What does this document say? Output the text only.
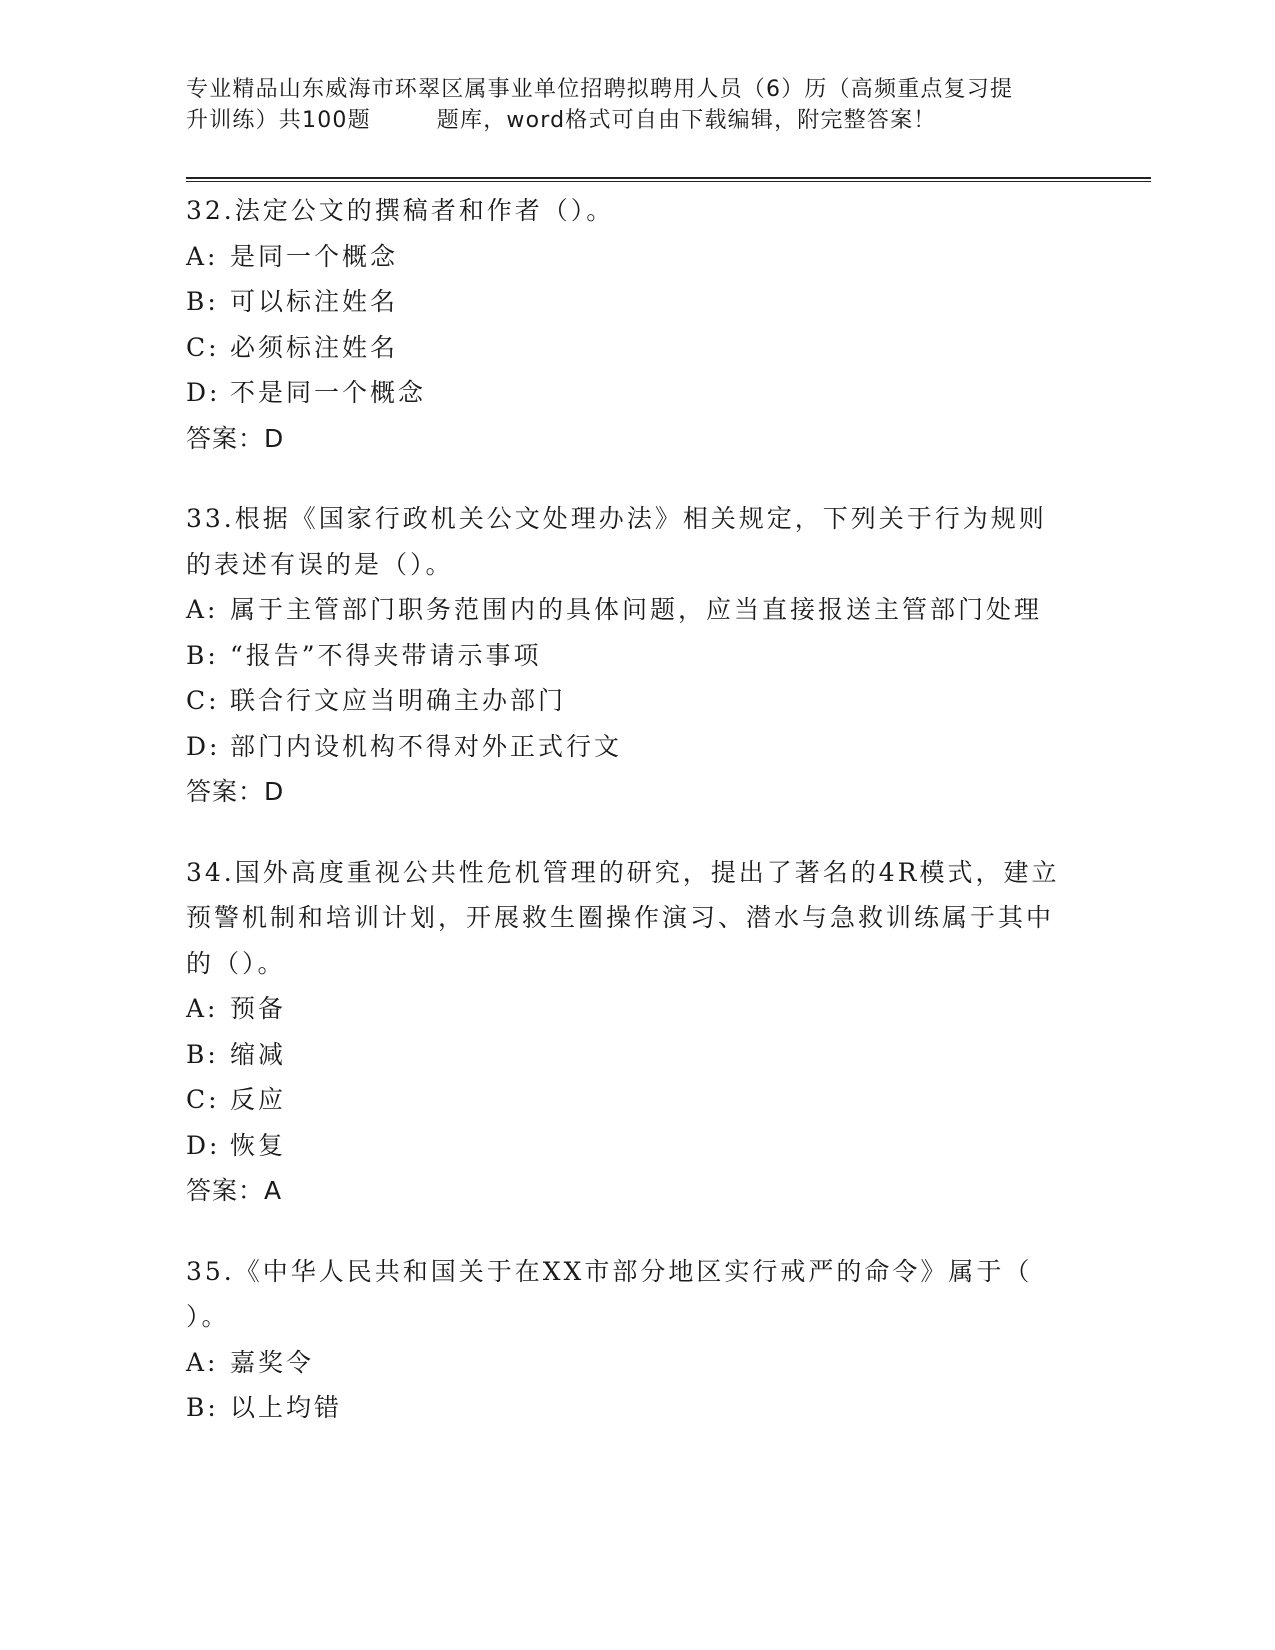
专业精品山东威海市环翠区属事业单位招聘拟聘用人员（6）历（高频重点复习提
升训练）共100题	题库，word格式可自由下载编辑，附完整答案！
32.法定公文的撰稿者和作者（）。
A: 是同一个概念
B: 可以标注姓名
C: 必须标注姓名
D: 不是同一个概念
答案：D
33.根据《国家行政机关公文处理办法》相关规定，下列关于行为规则的表述有误的是（）。
A: 属于主管部门职务范围内的具体问题，应当直接报送主管部门处理
B: “报告”不得夹带请示事项
C: 联合行文应当明确主办部门
D: 部门内设机构不得对外正式行文
答案：D
34.国外高度重视公共性危机管理的研究，提出了著名的4R模式，建立预警机制和培训计划，开展救生圈操作演习、潜水与急救训练属于其中的（）。
A: 预备
B: 缩减
C: 反应
D: 恢复
答案：A
35.《中华人民共和国关于在XX市部分地区实行戒严的命令》属于（ ）。
A: 嘉奖令
B: 以上均错
